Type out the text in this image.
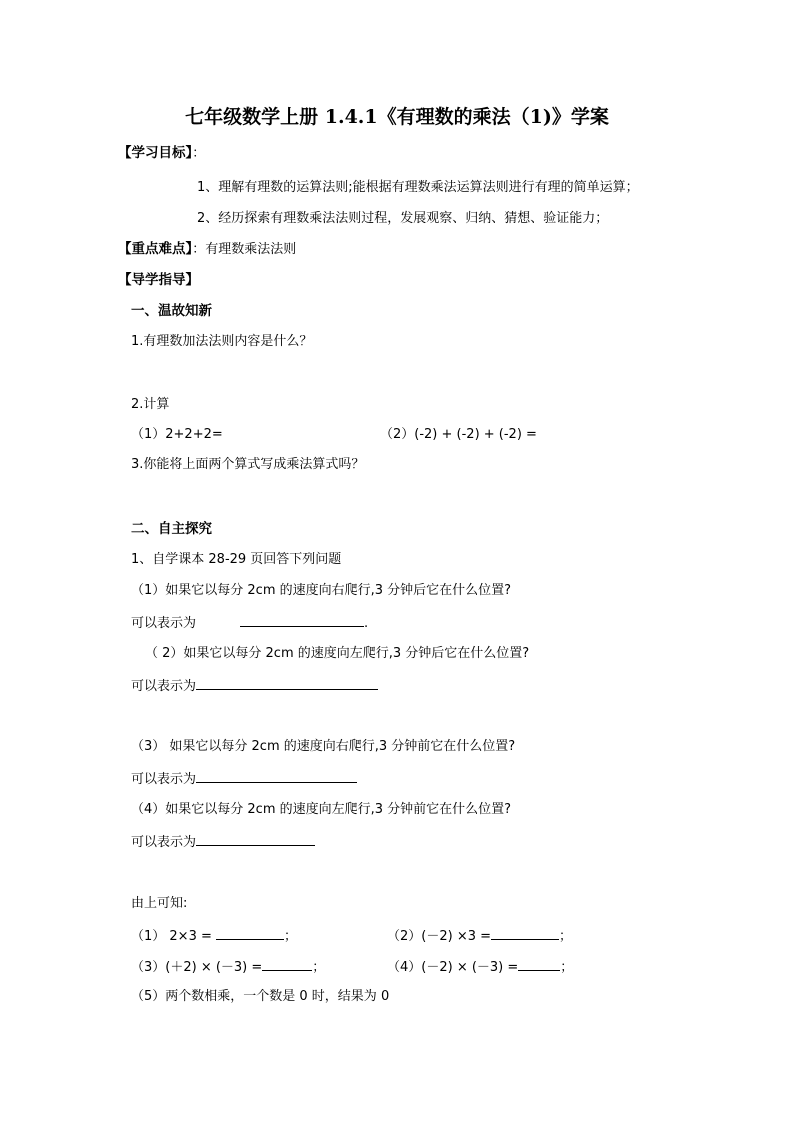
七年级数学上册 1.4.1《有理数的乘法（1)》学案
【学习目标】：
1、理解有理数的运算法则;能根据有理数乘法运算法则进行有理的简单运算；
2、经历探索有理数乘法法则过程，发展观察、归纳、猜想、验证能力；
【重点难点】：有理数乘法法则
【导学指导】
一、温故知新
1.有理数加法法则内容是什么？
2.计算
（1）2+2+2=	（2）(-2) + (-2) + (-2) =
3.你能将上面两个算式写成乘法算式吗？
二、自主探究
1、自学课本 28-29 页回答下列问题
（1）如果它以每分 2cm 的速度向右爬行,3 分钟后它在什么位置?
可以表示为	.
（ 2）如果它以每分 2cm 的速度向左爬行,3 分钟后它在什么位置?
可以表示为
（3） 如果它以每分 2cm 的速度向右爬行,3 分钟前它在什么位置?
可以表示为
（4）如果它以每分 2cm 的速度向左爬行,3 分钟前它在什么位置?
可以表示为
由上可知:
（1） 2×3 =	；	（2）(－2) ×3 =	；
（3）(＋2) × (－3) =	；	（4）(－2) × (－3) =	；
（5）两个数相乘，一个数是 0 时，结果为 0
